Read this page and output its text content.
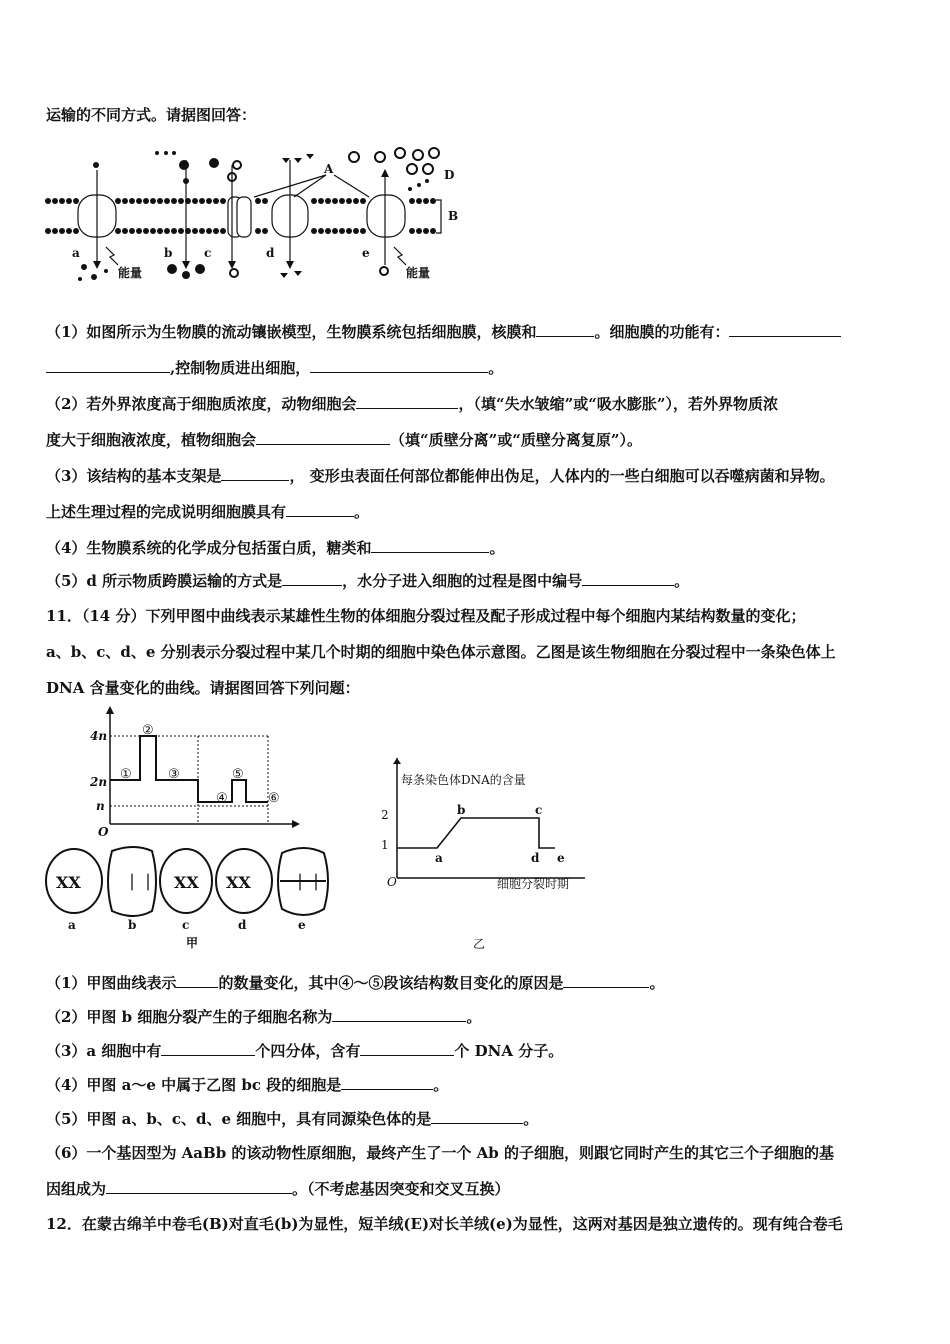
运输的不同方式。请据图回答：
a	b	c	d	e
A
B
D
能量	能量
（1）如图所示为生物膜的流动镶嵌模型，生物膜系统包括细胞膜，核膜和	。细胞膜的功能有：
,控制物质进出细胞，	。
（2）若外界浓度高于细胞质浓度，动物细胞会	，（填“失水皱缩”或“吸水膨胀”），若外界物质浓
度大于细胞液浓度，植物细胞会	（填“质壁分离”或“质壁分离复原”）。
（3）该结构的基本支架是	， 变形虫表面任何部位都能伸出伪足，人体内的一些白细胞可以吞噬病菌和异物。
上述生理过程的完成说明细胞膜具有	。
（4）生物膜系统的化学成分包括蛋白质，糖类和	。
（5）d 所示物质跨膜运输的方式是	，水分子进入细胞的过程是图中编号	。
11．（14 分）下列甲图中曲线表示某雄性生物的体细胞分裂过程及配子形成过程中每个细胞内某结构数量的变化；
a、b、c、d、e 分别表示分裂过程中某几个时期的细胞中染色体示意图。乙图是该生物细胞在分裂过程中一条染色体上
DNA 含量变化的曲线。请据图回答下列问题：
4n
2n
n
O
①
②
③
④
⑤
⑥
ⅩⅩ	｜｜ ⅩⅩ ⅩⅩ	｜｜
a	b	c	d	e
甲
每条染色体DNA的含量
细胞分裂时期
2
1
O
乙
a
b	c
d e
（1）甲图曲线表示	的数量变化，其中④～⑤段该结构数目变化的原因是	。
（2）甲图 b 细胞分裂产生的子细胞名称为	。
（3）a 细胞中有	个四分体，含有	个 DNA 分子。
（4）甲图 a～e 中属于乙图 bc 段的细胞是	。
（5）甲图 a、b、c、d、e 细胞中，具有同源染色体的是	。
（6）一个基因型为 AaBb 的该动物性原细胞，最终产生了一个 Ab 的子细胞，则跟它同时产生的其它三个子细胞的基
因组成为	。（不考虑基因突变和交叉互换）
12．在蒙古绵羊中卷毛(B)对直毛(b)为显性，短羊绒(E)对长羊绒(e)为显性，这两对基因是独立遗传的。现有纯合卷毛
